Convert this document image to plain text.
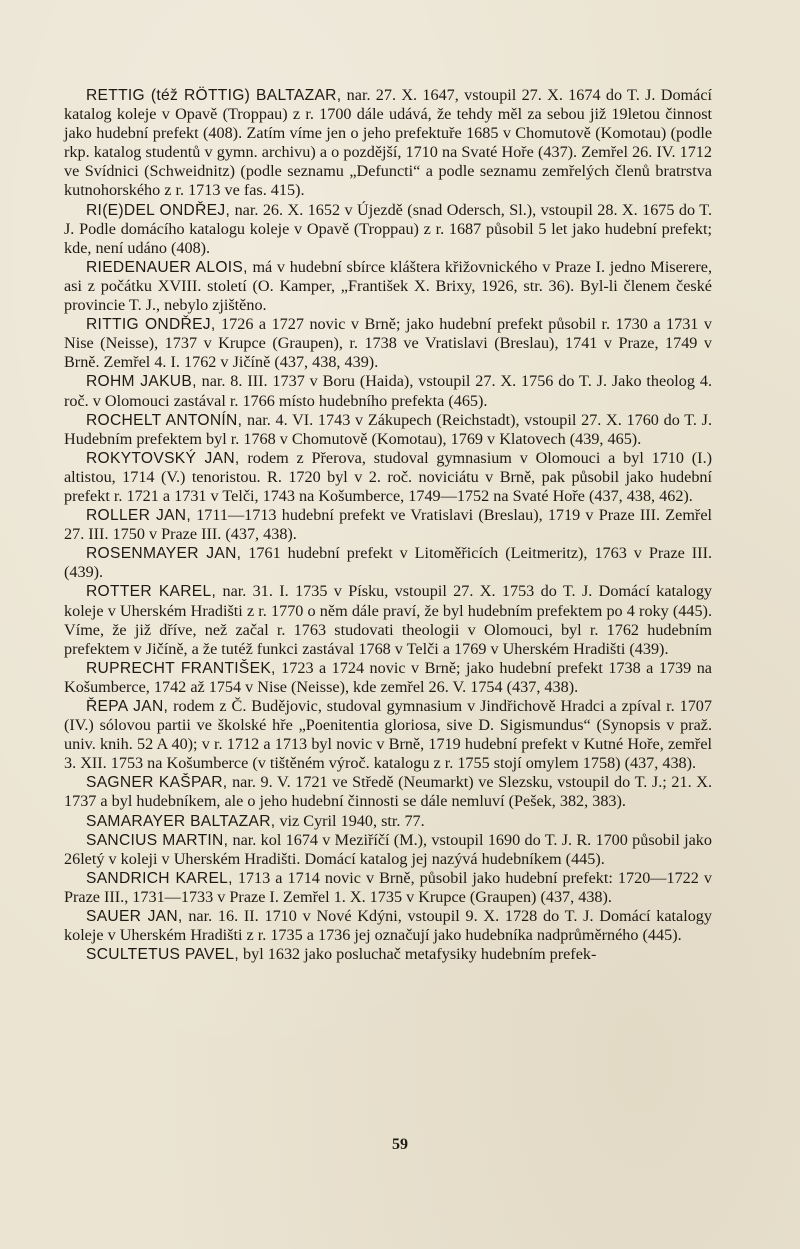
RETTIG (též RÖTTIG) BALTAZAR, nar. 27. X. 1647, vstoupil 27. X. 1674 do T. J. Domácí katalog koleje v Opavě (Troppau) z r. 1700 dále udává, že tehdy měl za sebou již 19letou činnost jako hudební prefekt (408). Zatím víme jen o jeho prefektuře 1685 v Chomutově (Komotau) (podle rkp. katalog studentů v gymn. archivu) a o pozdější, 1710 na Svaté Hoře (437). Zemřel 26. IV. 1712 ve Svídnici (Schweidnitz) (podle seznamu „Defuncti“ a podle seznamu zemřelých členů bratrstva kutnohorského z r. 1713 ve fas. 415).
RI(E)DEL ONDŘEJ, nar. 26. X. 1652 v Újezdě (snad Odersch, Sl.), vstoupil 28. X. 1675 do T. J. Podle domácího katalogu koleje v Opavě (Troppau) z r. 1687 působil 5 let jako hudební prefekt; kde, není udáno (408).
RIEDENAUER ALOIS, má v hudební sbírce kláštera křižovnického v Praze I. jedno Miserere, asi z počátku XVIII. století (O. Kamper, „František X. Brixy, 1926, str. 36). Byl-li členem české provincie T. J., nebylo zjištěno.
RITTIG ONDŘEJ, 1726 a 1727 novic v Brně; jako hudební prefekt působil r. 1730 a 1731 v Nise (Neisse), 1737 v Krupce (Graupen), r. 1738 ve Vratislavi (Breslau), 1741 v Praze, 1749 v Brně. Zemřel 4. I. 1762 v Jičíně (437, 438, 439).
ROHM JAKUB, nar. 8. III. 1737 v Boru (Haida), vstoupil 27. X. 1756 do T. J. Jako theolog 4. roč. v Olomouci zastával r. 1766 místo hudebního prefekta (465).
ROCHELT ANTONÍN, nar. 4. VI. 1743 v Zákupech (Reichstadt), vstoupil 27. X. 1760 do T. J. Hudebním prefektem byl r. 1768 v Chomutově (Komotau), 1769 v Klatovech (439, 465).
ROKYTOVSKÝ JAN, rodem z Přerova, studoval gymnasium v Olomouci a byl 1710 (I.) altistou, 1714 (V.) tenoristou. R. 1720 byl v 2. roč. noviciátu v Brně, pak působil jako hudební prefekt r. 1721 a 1731 v Telči, 1743 na Košumberce, 1749—1752 na Svaté Hoře (437, 438, 462).
ROLLER JAN, 1711—1713 hudební prefekt ve Vratislavi (Breslau), 1719 v Praze III. Zemřel 27. III. 1750 v Praze III. (437, 438).
ROSENMAYER JAN, 1761 hudební prefekt v Litoměřicích (Leitmeritz), 1763 v Praze III. (439).
ROTTER KAREL, nar. 31. I. 1735 v Písku, vstoupil 27. X. 1753 do T. J. Domácí katalogy koleje v Uherském Hradišti z r. 1770 o něm dále praví, že byl hudebním prefektem po 4 roky (445). Víme, že již dříve, než začal r. 1763 studovati theologii v Olomouci, byl r. 1762 hudebním prefektem v Jičíně, a že tutéž funkci zastával 1768 v Telči a 1769 v Uherském Hradišti (439).
RUPRECHT FRANTIŠEK, 1723 a 1724 novic v Brně; jako hudební prefekt 1738 a 1739 na Košumberce, 1742 až 1754 v Nise (Neisse), kde zemřel 26. V. 1754 (437, 438).
ŘEPA JAN, rodem z Č. Budějovic, studoval gymnasium v Jindřichově Hradci a zpíval r. 1707 (IV.) sólovou partii ve školské hře „Poenitentia gloriosa, sive D. Sigismundus“ (Synopsis v praž. univ. knih. 52 A 40); v r. 1712 a 1713 byl novic v Brně, 1719 hudební prefekt v Kutné Hoře, zemřel 3. XII. 1753 na Košumberce (v tištěném výroč. katalogu z r. 1755 stojí omylem 1758) (437, 438).
SAGNER KAŠPAR, nar. 9. V. 1721 ve Středě (Neumarkt) ve Slezsku, vstoupil do T. J.; 21. X. 1737 a byl hudebníkem, ale o jeho hudební činnosti se dále nemluví (Pešek, 382, 383).
SAMARAYER BALTAZAR, viz Cyril 1940, str. 77.
SANCIUS MARTIN, nar. kol 1674 v Meziříčí (M.), vstoupil 1690 do T. J. R. 1700 působil jako 26letý v koleji v Uherském Hradišti. Domácí katalog jej nazývá hudebníkem (445).
SANDRICH KAREL, 1713 a 1714 novic v Brně, působil jako hudební prefekt: 1720—1722 v Praze III., 1731—1733 v Praze I. Zemřel 1. X. 1735 v Krupce (Graupen) (437, 438).
SAUER JAN, nar. 16. II. 1710 v Nové Kdýni, vstoupil 9. X. 1728 do T. J. Domácí katalogy koleje v Uherském Hradišti z r. 1735 a 1736 jej označují jako hudebníka nadprůměrného (445).
SCULTETUS PAVEL, byl 1632 jako posluchač metafysiky hudebním prefek-
59
